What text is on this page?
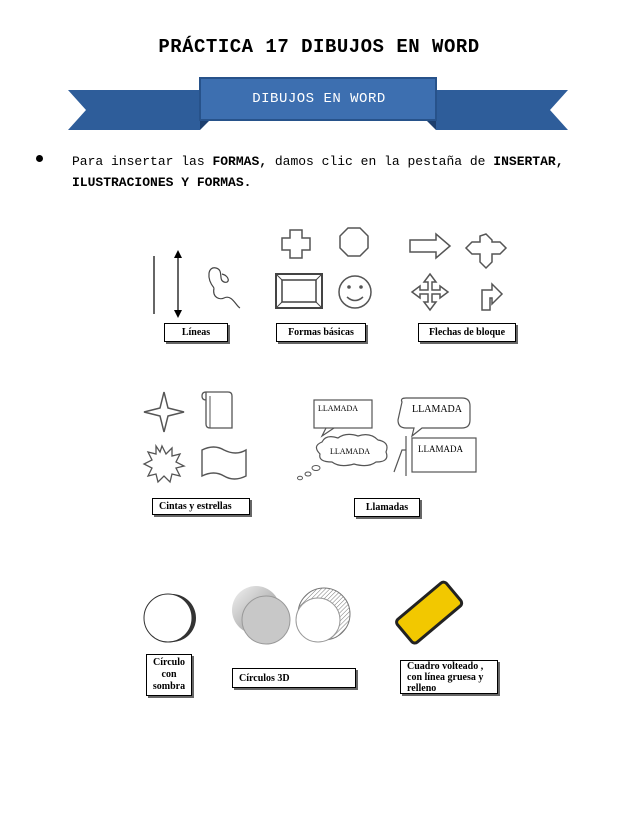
PRÁCTICA 17 DIBUJOS EN WORD
DIBUJOS EN WORD
Para insertar las FORMAS, damos clic en la pestaña de INSERTAR, ILUSTRACIONES Y FORMAS.
Líneas	Formas básicas	Flechas de bloque
Cintas y estrellas
LLAMADA	LLAMADA
LLAMADA	LLAMADA
Llamadas
Círculo con sombra
Círculos 3D
Cuadro volteado , con línea gruesa y relleno
